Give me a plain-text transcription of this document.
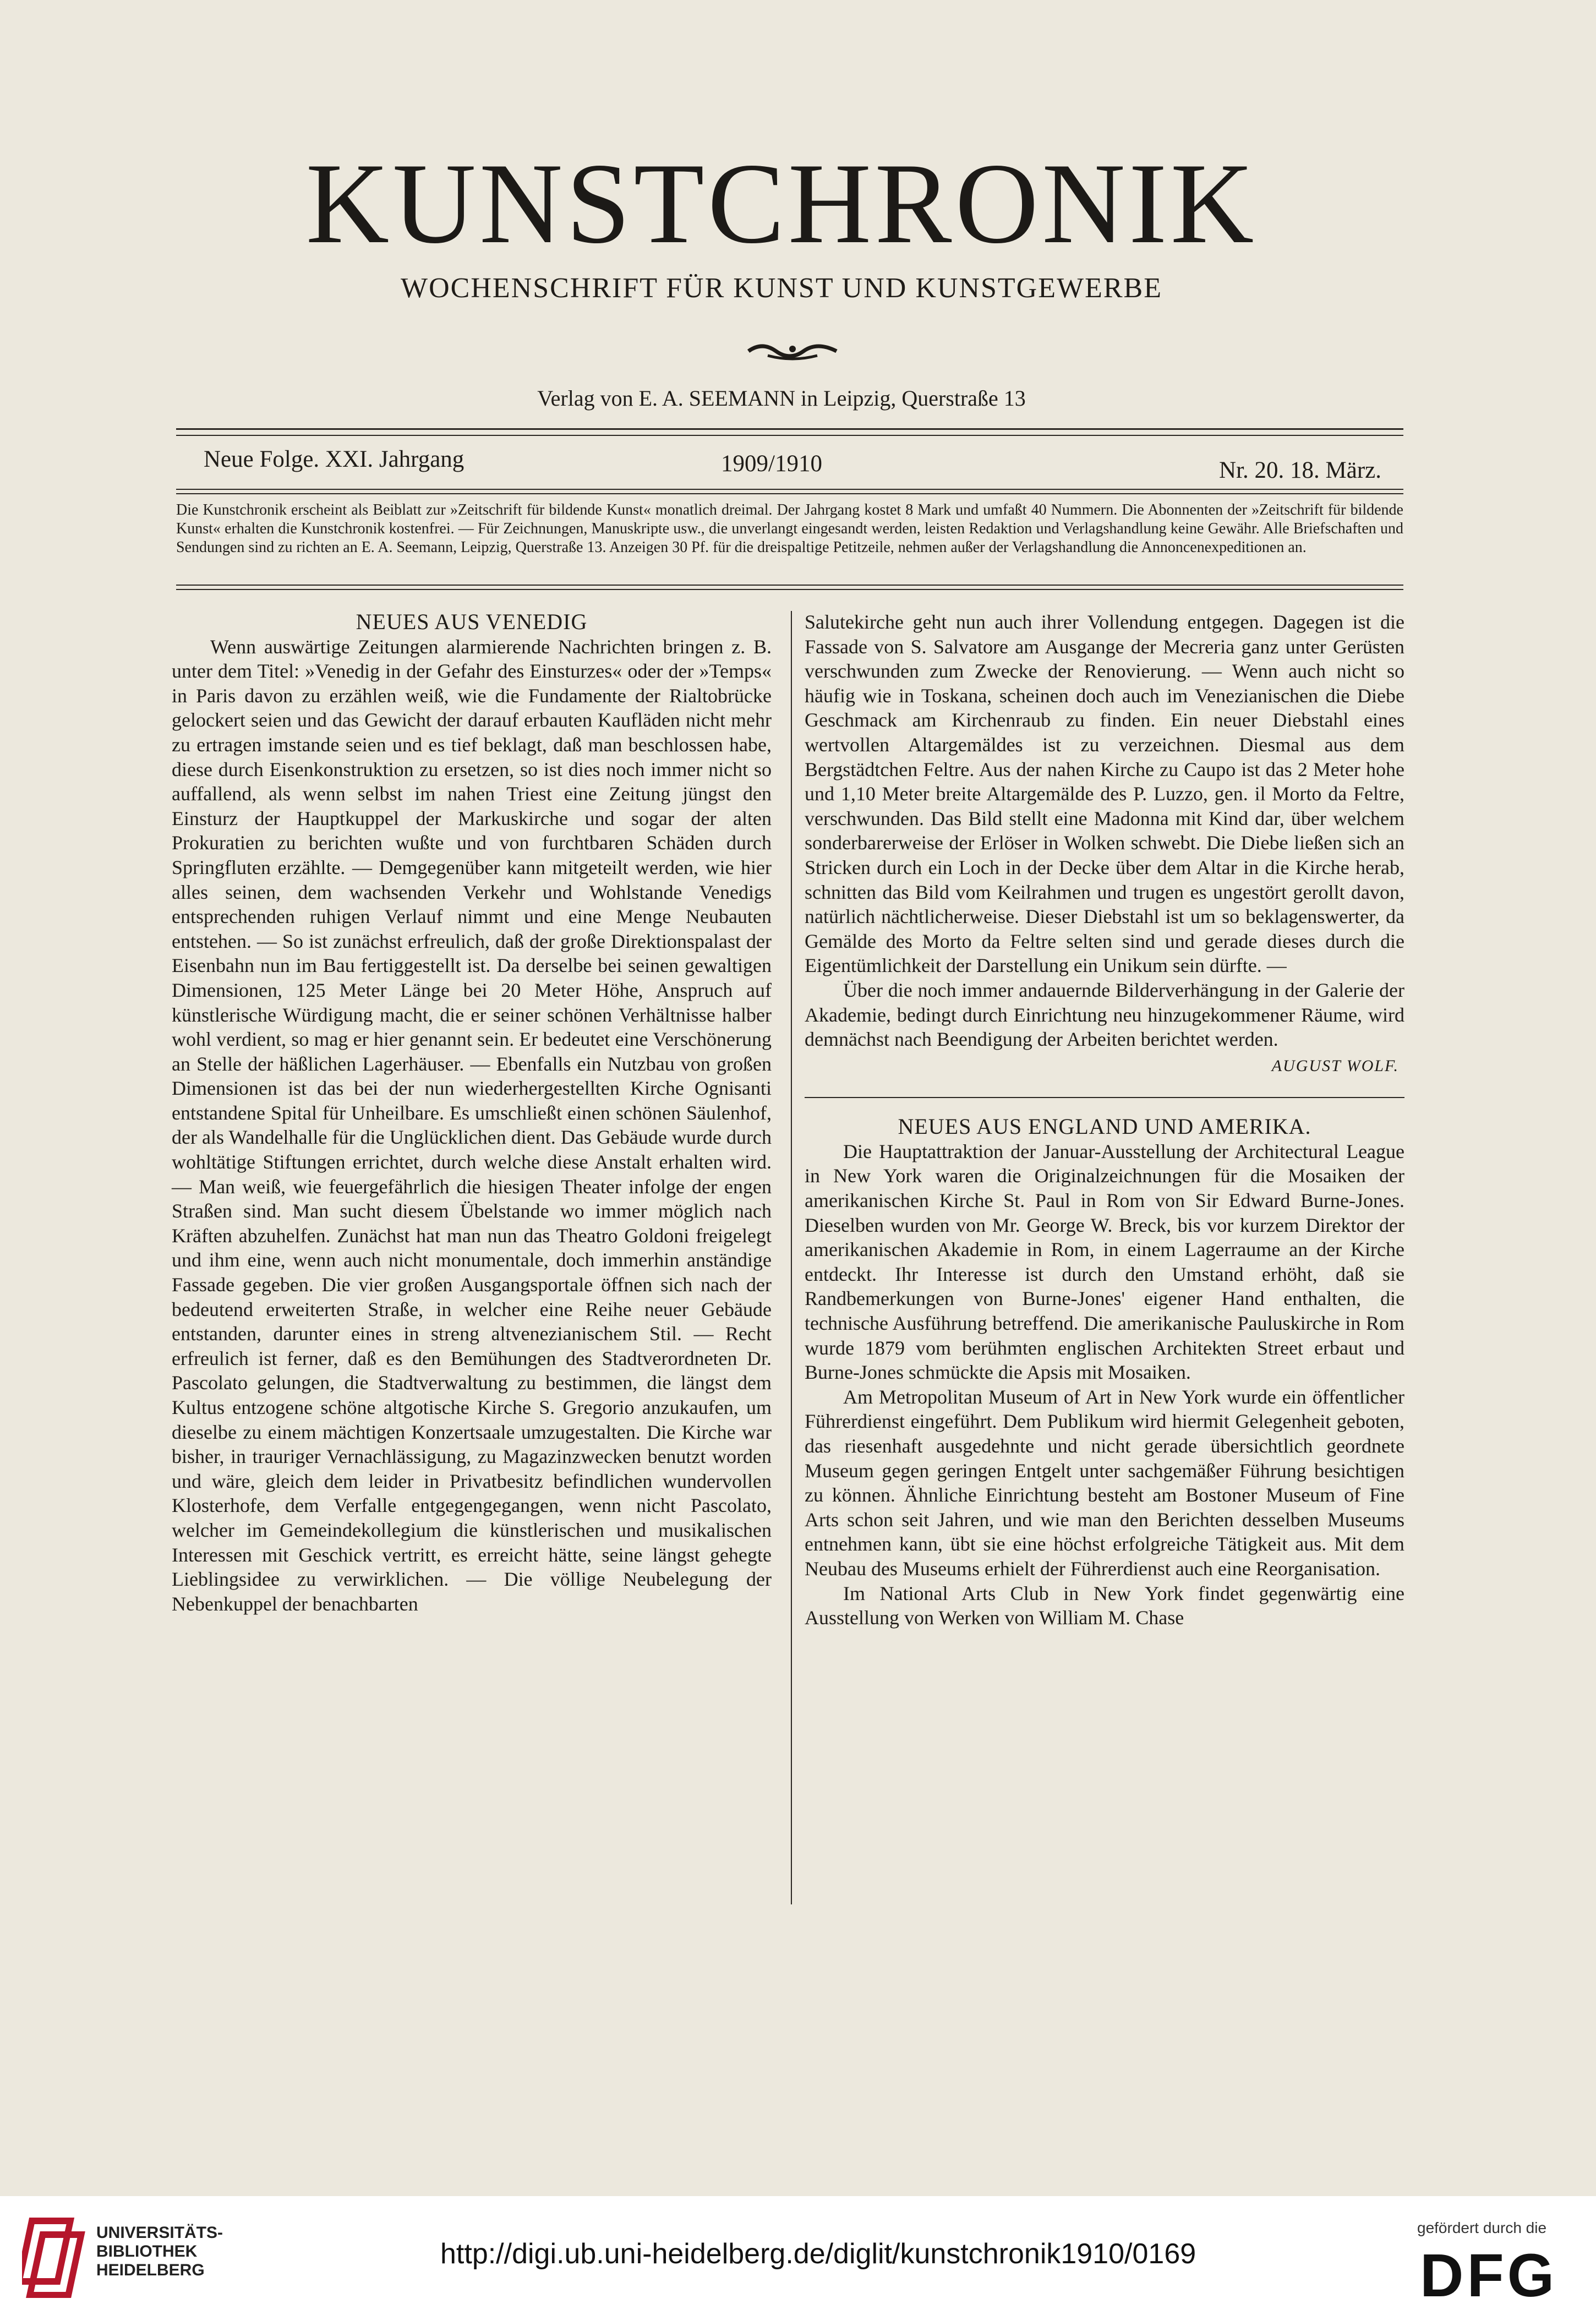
KUNSTCHRONIK
WOCHENSCHRIFT FÜR KUNST UND KUNSTGEWERBE
Verlag von E. A. SEEMANN in Leipzig, Querstraße 13
Neue Folge. XXI. Jahrgang	1909/1910	Nr. 20. 18. März.

Die Kunstchronik erscheint als Beiblatt zur »Zeitschrift für bildende Kunst« monatlich dreimal. Der Jahrgang kostet 8 Mark und umfaßt 40 Nummern. Die Abonnenten der »Zeitschrift für bildende Kunst« erhalten die Kunstchronik kostenfrei. — Für Zeichnungen, Manuskripte usw., die unverlangt eingesandt werden, leisten Redaktion und Verlagshandlung keine Gewähr. Alle Briefschaften und Sendungen sind zu richten an E. A. Seemann, Leipzig, Querstraße 13. Anzeigen 30 Pf. für die dreispaltige Petitzeile, nehmen außer der Verlagshandlung die Annoncenexpeditionen an.

NEUES AUS VENEDIG

Wenn auswärtige Zeitungen alarmierende Nachrichten bringen z. B. unter dem Titel: »Venedig in der Gefahr des Einsturzes« oder der »Temps« in Paris davon zu erzählen weiß, wie die Fundamente der Rialtobrücke gelockert seien und das Gewicht der darauf erbauten Kaufläden nicht mehr zu ertragen imstande seien und es tief beklagt, daß man beschlossen habe, diese durch Eisenkonstruktion zu ersetzen, so ist dies noch immer nicht so auffallend, als wenn selbst im nahen Triest eine Zeitung jüngst den Einsturz der Hauptkuppel der Markuskirche und sogar der alten Prokuratien zu berichten wußte und von furchtbaren Schäden durch Springfluten erzählte. — Demgegenüber kann mitgeteilt werden, wie hier alles seinen, dem wachsenden Verkehr und Wohlstande Venedigs entsprechenden ruhigen Verlauf nimmt und eine Menge Neubauten entstehen. — So ist zunächst erfreulich, daß der große Direktionspalast der Eisenbahn nun im Bau fertiggestellt ist. Da derselbe bei seinen gewaltigen Dimensionen, 125 Meter Länge bei 20 Meter Höhe, Anspruch auf künstlerische Würdigung macht, die er seiner schönen Verhältnisse halber wohl verdient, so mag er hier genannt sein. Er bedeutet eine Verschönerung an Stelle der häßlichen Lagerhäuser. — Ebenfalls ein Nutzbau von großen Dimensionen ist das bei der nun wiederhergestellten Kirche Ognisanti entstandene Spital für Unheilbare. Es umschließt einen schönen Säulenhof, der als Wandelhalle für die Unglücklichen dient. Das Gebäude wurde durch wohltätige Stiftungen errichtet, durch welche diese Anstalt erhalten wird. — Man weiß, wie feuergefährlich die hiesigen Theater infolge der engen Straßen sind. Man sucht diesem Übelstande wo immer möglich nach Kräften abzuhelfen. Zunächst hat man nun das Theatro Goldoni freigelegt und ihm eine, wenn auch nicht monumentale, doch immerhin anständige Fassade gegeben. Die vier großen Ausgangsportale öffnen sich nach der bedeutend erweiterten Straße, in welcher eine Reihe neuer Gebäude entstanden, darunter eines in streng altvenezianischem Stil. — Recht erfreulich ist ferner, daß es den Bemühungen des Stadtverordneten Dr. Pascolato gelungen, die Stadtverwaltung zu bestimmen, die längst dem Kultus entzogene schöne altgotische Kirche S. Gregorio anzukaufen, um dieselbe zu einem mächtigen Konzertsaale umzugestalten. Die Kirche war bisher, in trauriger Vernachlässigung, zu Magazinzwecken benutzt worden und wäre, gleich dem leider in Privatbesitz befindlichen wundervollen Klosterhofe, dem Verfalle entgegengegangen, wenn nicht Pascolato, welcher im Gemeindekollegium die künstlerischen und musikalischen Interessen mit Geschick vertritt, es erreicht hätte, seine längst gehegte Lieblingsidee zu verwirklichen. — Die völlige Neubelegung der Nebenkuppel der benachbarten

Salutekirche geht nun auch ihrer Vollendung entgegen. Dagegen ist die Fassade von S. Salvatore am Ausgange der Mecreria ganz unter Gerüsten verschwunden zum Zwecke der Renovierung. — Wenn auch nicht so häufig wie in Toskana, scheinen doch auch im Venezianischen die Diebe Geschmack am Kirchenraub zu finden. Ein neuer Diebstahl eines wertvollen Altargemäldes ist zu verzeichnen. Diesmal aus dem Bergstädtchen Feltre. Aus der nahen Kirche zu Caupo ist das 2 Meter hohe und 1,10 Meter breite Altargemälde des P. Luzzo, gen. il Morto da Feltre, verschwunden. Das Bild stellt eine Madonna mit Kind dar, über welchem sonderbarerweise der Erlöser in Wolken schwebt. Die Diebe ließen sich an Stricken durch ein Loch in der Decke über dem Altar in die Kirche herab, schnitten das Bild vom Keilrahmen und trugen es ungestört gerollt davon, natürlich nächtlicherweise. Dieser Diebstahl ist um so beklagenswerter, da Gemälde des Morto da Feltre selten sind und gerade dieses durch die Eigentümlichkeit der Darstellung ein Unikum sein dürfte. —

Über die noch immer andauernde Bilderverhängung in der Galerie der Akademie, bedingt durch Einrichtung neu hinzugekommener Räume, wird demnächst nach Beendigung der Arbeiten berichtet werden.

AUGUST WOLF.

NEUES AUS ENGLAND UND AMERIKA.

Die Hauptattraktion der Januar-Ausstellung der Architectural League in New York waren die Originalzeichnungen für die Mosaiken der amerikanischen Kirche St. Paul in Rom von Sir Edward Burne-Jones. Dieselben wurden von Mr. George W. Breck, bis vor kurzem Direktor der amerikanischen Akademie in Rom, in einem Lagerraume an der Kirche entdeckt. Ihr Interesse ist durch den Umstand erhöht, daß sie Randbemerkungen von Burne-Jones' eigener Hand enthalten, die technische Ausführung betreffend. Die amerikanische Pauluskirche in Rom wurde 1879 vom berühmten englischen Architekten Street erbaut und Burne-Jones schmückte die Apsis mit Mosaiken.

Am Metropolitan Museum of Art in New York wurde ein öffentlicher Führerdienst eingeführt. Dem Publikum wird hiermit Gelegenheit geboten, das riesenhaft ausgedehnte und nicht gerade übersichtlich geordnete Museum gegen geringen Entgelt unter sachgemäßer Führung besichtigen zu können. Ähnliche Einrichtung besteht am Bostoner Museum of Fine Arts schon seit Jahren, und wie man den Berichten desselben Museums entnehmen kann, übt sie eine höchst erfolgreiche Tätigkeit aus. Mit dem Neubau des Museums erhielt der Führerdienst auch eine Reorganisation.

Im National Arts Club in New York findet gegenwärtig eine Ausstellung von Werken von William M. Chase

UNIVERSITÄTS-
BIBLIOTHEK
HEIDELBERG
http://digi.ub.uni-heidelberg.de/diglit/kunstchronik1910/0169
gefördert durch die
DFG
